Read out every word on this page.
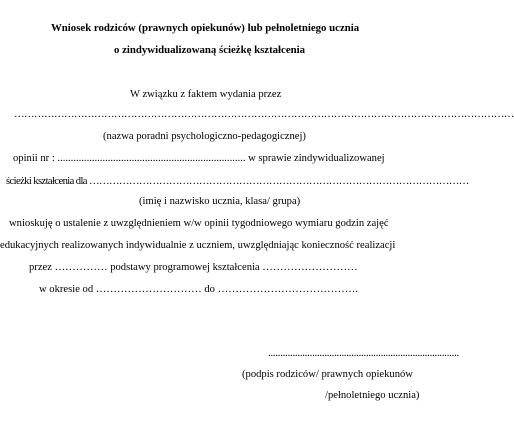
Wniosek rodziców (prawnych opiekunów) lub pełnoletniego ucznia
o zindywidualizowaną ścieżkę kształcenia
W związku z faktem wydania przez
……………………………………………………………………………………………………………………………………
(nazwa poradni psychologiczno-pedagogicznej)
opinii nr : ....................................................................... w sprawie zindywidualizowanej
ścieżki kształcenia dla ……………………………………………………………………………………………………
(imię i nazwisko ucznia, klasa/ grupa)
wnioskuję o ustalenie z uwzględnieniem w/w opinii tygodniowego wymiaru godzin zajęć
edukacyjnych realizowanych indywidualnie z uczniem, uwzględniając konieczność realizacji
przez …………… podstawy programowej kształcenia ………………………
w okresie od ………………………… do ………………………………….
..............................................................................
(podpis rodziców/ prawnych opiekunów
/pełnoletniego ucznia)
